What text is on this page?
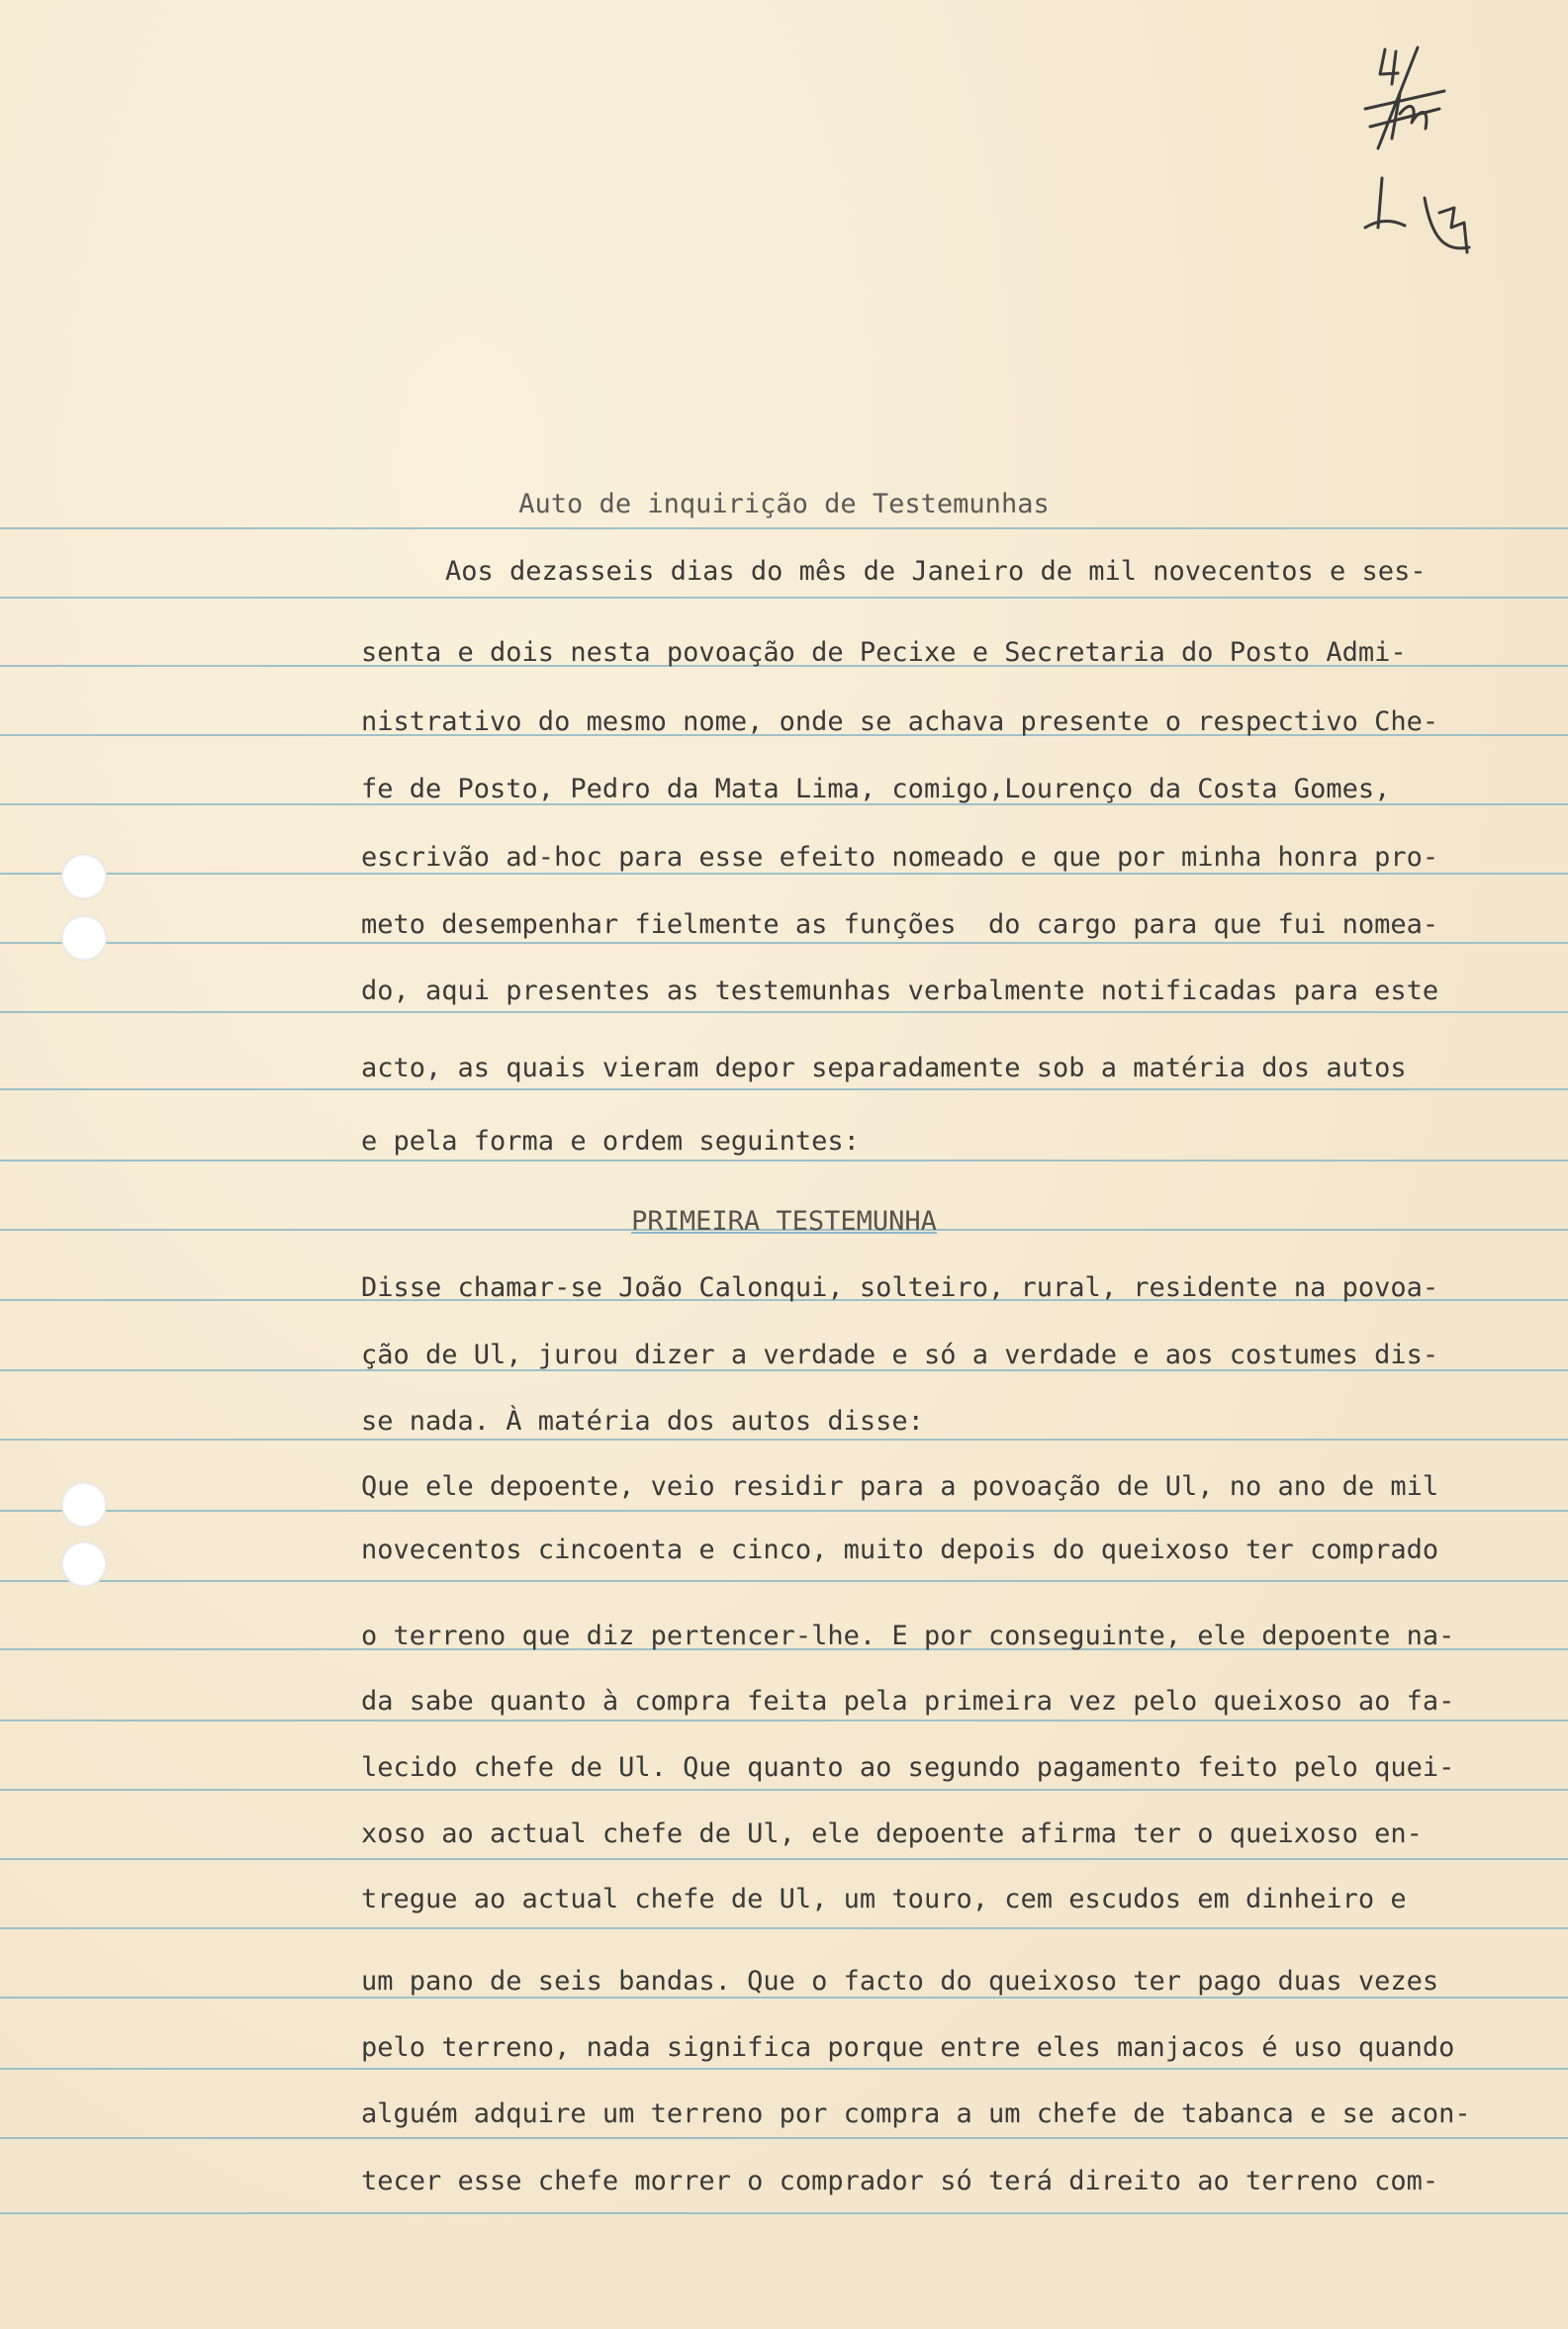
Auto de inquirição de Testemunhas
Aos dezasseis dias do mês de Janeiro de mil novecentos e ses-
senta e dois nesta povoação de Pecixe e Secretaria do Posto Admi-
nistrativo do mesmo nome, onde se achava presente o respectivo Che-
fe de Posto, Pedro da Mata Lima, comigo,Lourenço da Costa Gomes,
escrivão ad-hoc para esse efeito nomeado e que por minha honra pro-
meto desempenhar fielmente as funções  do cargo para que fui nomea-
do, aqui presentes as testemunhas verbalmente notificadas para este
acto, as quais vieram depor separadamente sob a matéria dos autos
e pela forma e ordem seguintes:
PRIMEIRA TESTEMUNHA
Disse chamar-se João Calonqui, solteiro, rural, residente na povoa-
ção de Ul, jurou dizer a verdade e só a verdade e aos costumes dis-
se nada. À matéria dos autos disse:
Que ele depoente, veio residir para a povoação de Ul, no ano de mil
novecentos cincoenta e cinco, muito depois do queixoso ter comprado
o terreno que diz pertencer-lhe. E por conseguinte, ele depoente na-
da sabe quanto à compra feita pela primeira vez pelo queixoso ao fa-
lecido chefe de Ul. Que quanto ao segundo pagamento feito pelo quei-
xoso ao actual chefe de Ul, ele depoente afirma ter o queixoso en-
tregue ao actual chefe de Ul, um touro, cem escudos em dinheiro e
um pano de seis bandas. Que o facto do queixoso ter pago duas vezes
pelo terreno, nada significa porque entre eles manjacos é uso quando
alguém adquire um terreno por compra a um chefe de tabanca e se acon-
tecer esse chefe morrer o comprador só terá direito ao terreno com-
